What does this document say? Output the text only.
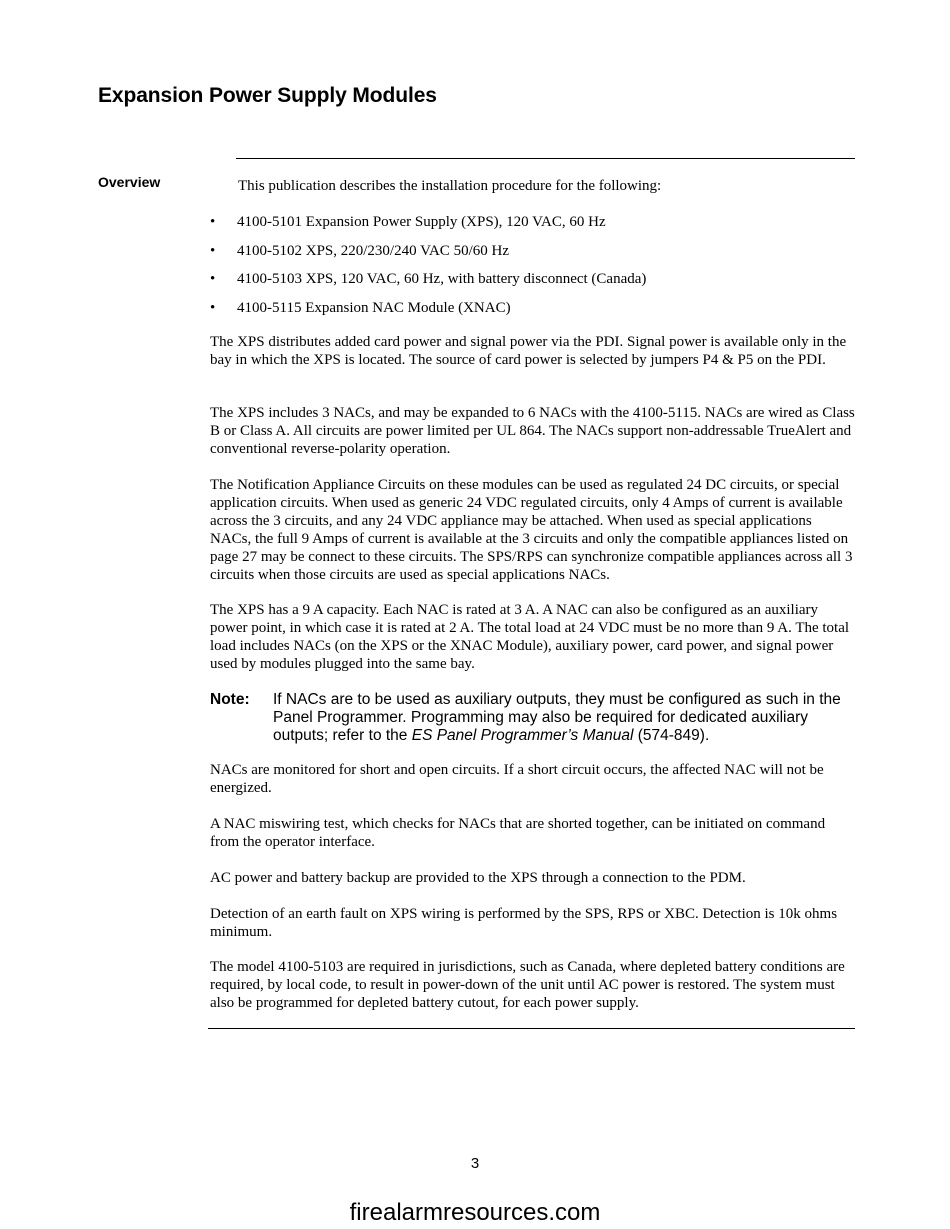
Expansion Power Supply Modules
Overview	This publication describes the installation procedure for the following:
• 4100-5101 Expansion Power Supply (XPS), 120 VAC, 60 Hz
• 4100-5102 XPS, 220/230/240 VAC 50/60 Hz
• 4100-5103 XPS, 120 VAC, 60 Hz, with battery disconnect (Canada)
• 4100-5115 Expansion NAC Module (XNAC)

The XPS distributes added card power and signal power via the PDI. Signal power is available only in the bay in which the XPS is located. The source of card power is selected by jumpers P4 & P5 on the PDI.

The XPS includes 3 NACs, and may be expanded to 6 NACs with the 4100-5115. NACs are wired as Class B or Class A. All circuits are power limited per UL 864. The NACs support non-addressable TrueAlert and conventional reverse-polarity operation.

The Notification Appliance Circuits on these modules can be used as regulated 24 DC circuits, or special application circuits. When used as generic 24 VDC regulated circuits, only 4 Amps of current is available across the 3 circuits, and any 24 VDC appliance may be attached. When used as special applications NACs, the full 9 Amps of current is available at the 3 circuits and only the compatible appliances listed on page 27 may be connect to these circuits. The SPS/RPS can synchronize compatible appliances across all 3 circuits when those circuits are used as special applications NACs.

The XPS has a 9 A capacity. Each NAC is rated at 3 A. A NAC can also be configured as an auxiliary power point, in which case it is rated at 2 A. The total load at 24 VDC must be no more than 9 A. The total load includes NACs (on the XPS or the XNAC Module), auxiliary power, card power, and signal power used by modules plugged into the same bay.

Note: If NACs are to be used as auxiliary outputs, they must be configured as such in the Panel Programmer. Programming may also be required for dedicated auxiliary outputs; refer to the ES Panel Programmer’s Manual (574-849).

NACs are monitored for short and open circuits. If a short circuit occurs, the affected NAC will not be energized.

A NAC miswiring test, which checks for NACs that are shorted together, can be initiated on command from the operator interface.

AC power and battery backup are provided to the XPS through a connection to the PDM.

Detection of an earth fault on XPS wiring is performed by the SPS, RPS or XBC. Detection is 10k ohms minimum.

The model 4100-5103 are required in jurisdictions, such as Canada, where depleted battery conditions are required, by local code, to result in power-down of the unit until AC power is restored. The system must also be programmed for depleted battery cutout, for each power supply.

3
firealarmresources.com
